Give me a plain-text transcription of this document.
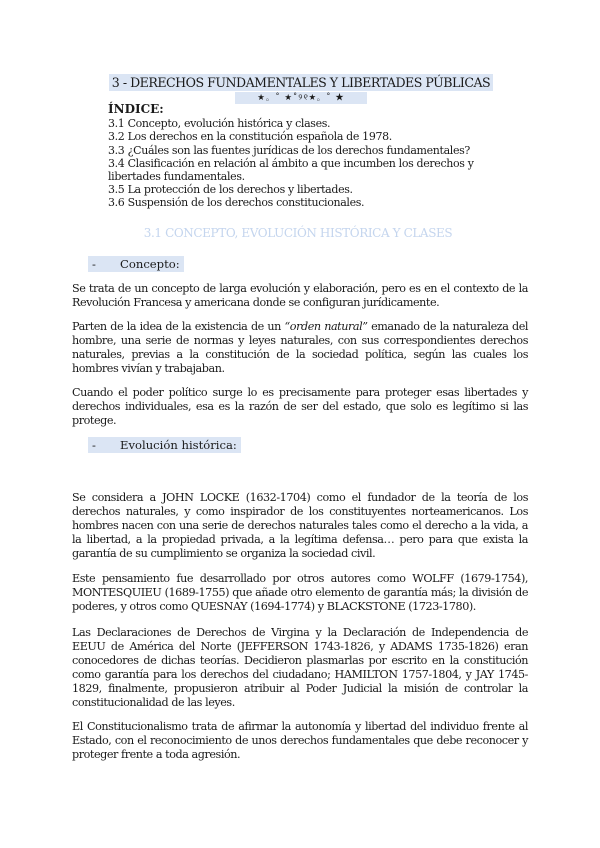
3 - DERECHOS FUNDAMENTALES Y LIBERTADES PÚBLICAS
★。˚ ★˚୨୧★。˚ ★
ÍNDICE:
3.1 Concepto, evolución histórica y clases.
3.2 Los derechos en la constitución española de 1978.
3.3 ¿Cuáles son las fuentes jurídicas de los derechos fundamentales?
3.4 Clasificación en relación al ámbito a que incumben los derechos y libertades fundamentales.
3.5 La protección de los derechos y libertades.
3.6 Suspensión de los derechos constitucionales.
3.1 CONCEPTO, EVOLUCIÓN HISTÓRICA Y CLASES
- Concepto:

Se trata de un concepto de larga evolución y elaboración, pero es en el contexto de la Revolución Francesa y americana donde se configuran jurídicamente.

Parten de la idea de la existencia de un “orden natural” emanado de la naturaleza del hombre, una serie de normas y leyes naturales, con sus correspondientes derechos naturales, previas a la constitución de la sociedad política, según las cuales los hombres vivían y trabajaban.

Cuando el poder político surge lo es precisamente para proteger esas libertades y derechos individuales, esa es la razón de ser del estado, que solo es legítimo si las protege.

- Evolución histórica:

Se considera a JOHN LOCKE (1632-1704) como el fundador de la teoría de los derechos naturales, y como inspirador de los constituyentes norteamericanos. Los hombres nacen con una serie de derechos naturales tales como el derecho a la vida, a la libertad, a la propiedad privada, a la legítima defensa… pero para que exista la garantía de su cumplimiento se organiza la sociedad civil.

Este pensamiento fue desarrollado por otros autores como WOLFF (1679-1754), MONTESQUIEU (1689-1755) que añade otro elemento de garantía más; la división de poderes, y otros como QUESNAY (1694-1774) y BLACKSTONE (1723-1780).

Las Declaraciones de Derechos de Virgina y la Declaración de Independencia de EEUU de América del Norte (JEFFERSON 1743-1826, y ADAMS 1735-1826) eran conocedores de dichas teorías. Decidieron plasmarlas por escrito en la constitución como garantía para los derechos del ciudadano; HAMILTON 1757-1804, y JAY 1745-1829, finalmente, propusieron atribuir al Poder Judicial la misión de controlar la constitucionalidad de las leyes.

El Constitucionalismo trata de afirmar la autonomía y libertad del individuo frente al Estado, con el reconocimiento de unos derechos fundamentales que debe reconocer y proteger frente a toda agresión.
